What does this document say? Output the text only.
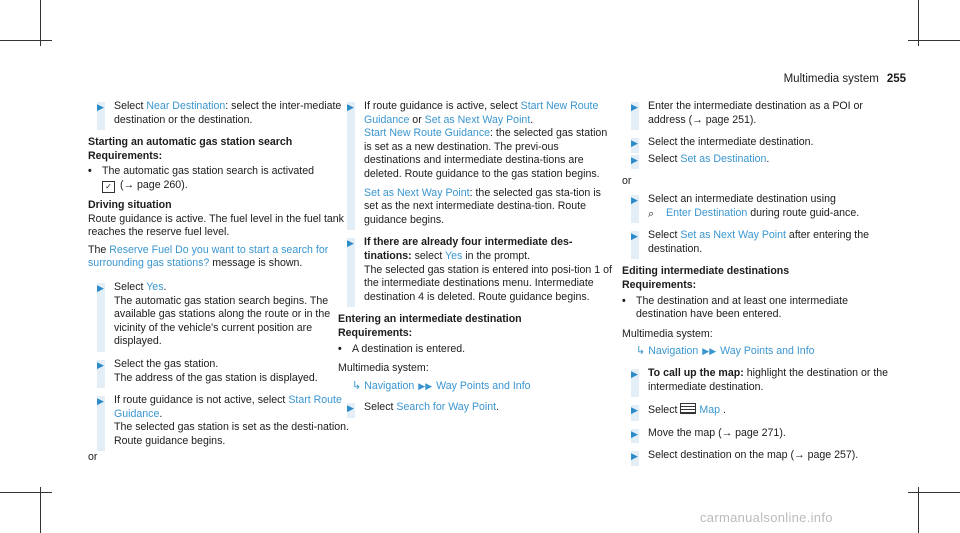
Multimedia system 255
▶ Select Near Destination: select the inter-mediate destination or the destination.

Starting an automatic gas station search

Requirements:

• The automatic gas station search is activated
✓ (→ page 260).

Driving situation

Route guidance is active. The fuel level in the fuel tank reaches the reserve fuel level.

The Reserve Fuel Do you want to start a search for surrounding gas stations? message is shown.

▶ Select Yes.

The automatic gas station search begins. The available gas stations along the route or in the vicinity of the vehicle's current position are displayed.

▶ Select the gas station.

The address of the gas station is displayed.

▶ If route guidance is not active, select Start Route Guidance.

The selected gas station is set as the desti-nation. Route guidance begins.

or

▶ If route guidance is active, select Start New Route Guidance or Set as Next Way Point.

Start New Route Guidance: the selected gas station is set as a new destination. The previ-ous destinations and intermediate destina-tions are deleted. Route guidance to the gas station begins.

Set as Next Way Point: the selected gas sta-tion is set as the next intermediate destina-tion. Route guidance begins.

▶ If there are already four intermediate des-tinations: select Yes in the prompt.

The selected gas station is entered into posi-tion 1 of the intermediate destinations menu. Intermediate destination 4 is deleted. Route guidance begins.

Entering an intermediate destination

Requirements:

• A destination is entered.

Multimedia system:

↳ Navigation ▶▶ Way Points and Info
▶ Select Search for Way Point.

▶ Enter the intermediate destination as a POI or address (→ page 251).

▶ Select the intermediate destination.

▶ Select Set as Destination.

or

▶ Select an intermediate destination using

⌕ Enter Destination during route guid-ance.

▶ Select Set as Next Way Point after entering the destination.

Editing intermediate destinations

Requirements:

• The destination and at least one intermediate destination have been entered.

Multimedia system:

↳ Navigation ▶▶ Way Points and Info
▶ To call up the map: highlight the destination or the intermediate destination.

▶ Select Map .

▶ Move the map (→ page 271).

▶ Select destination on the map (→ page 257).

carmanualsonline.info
